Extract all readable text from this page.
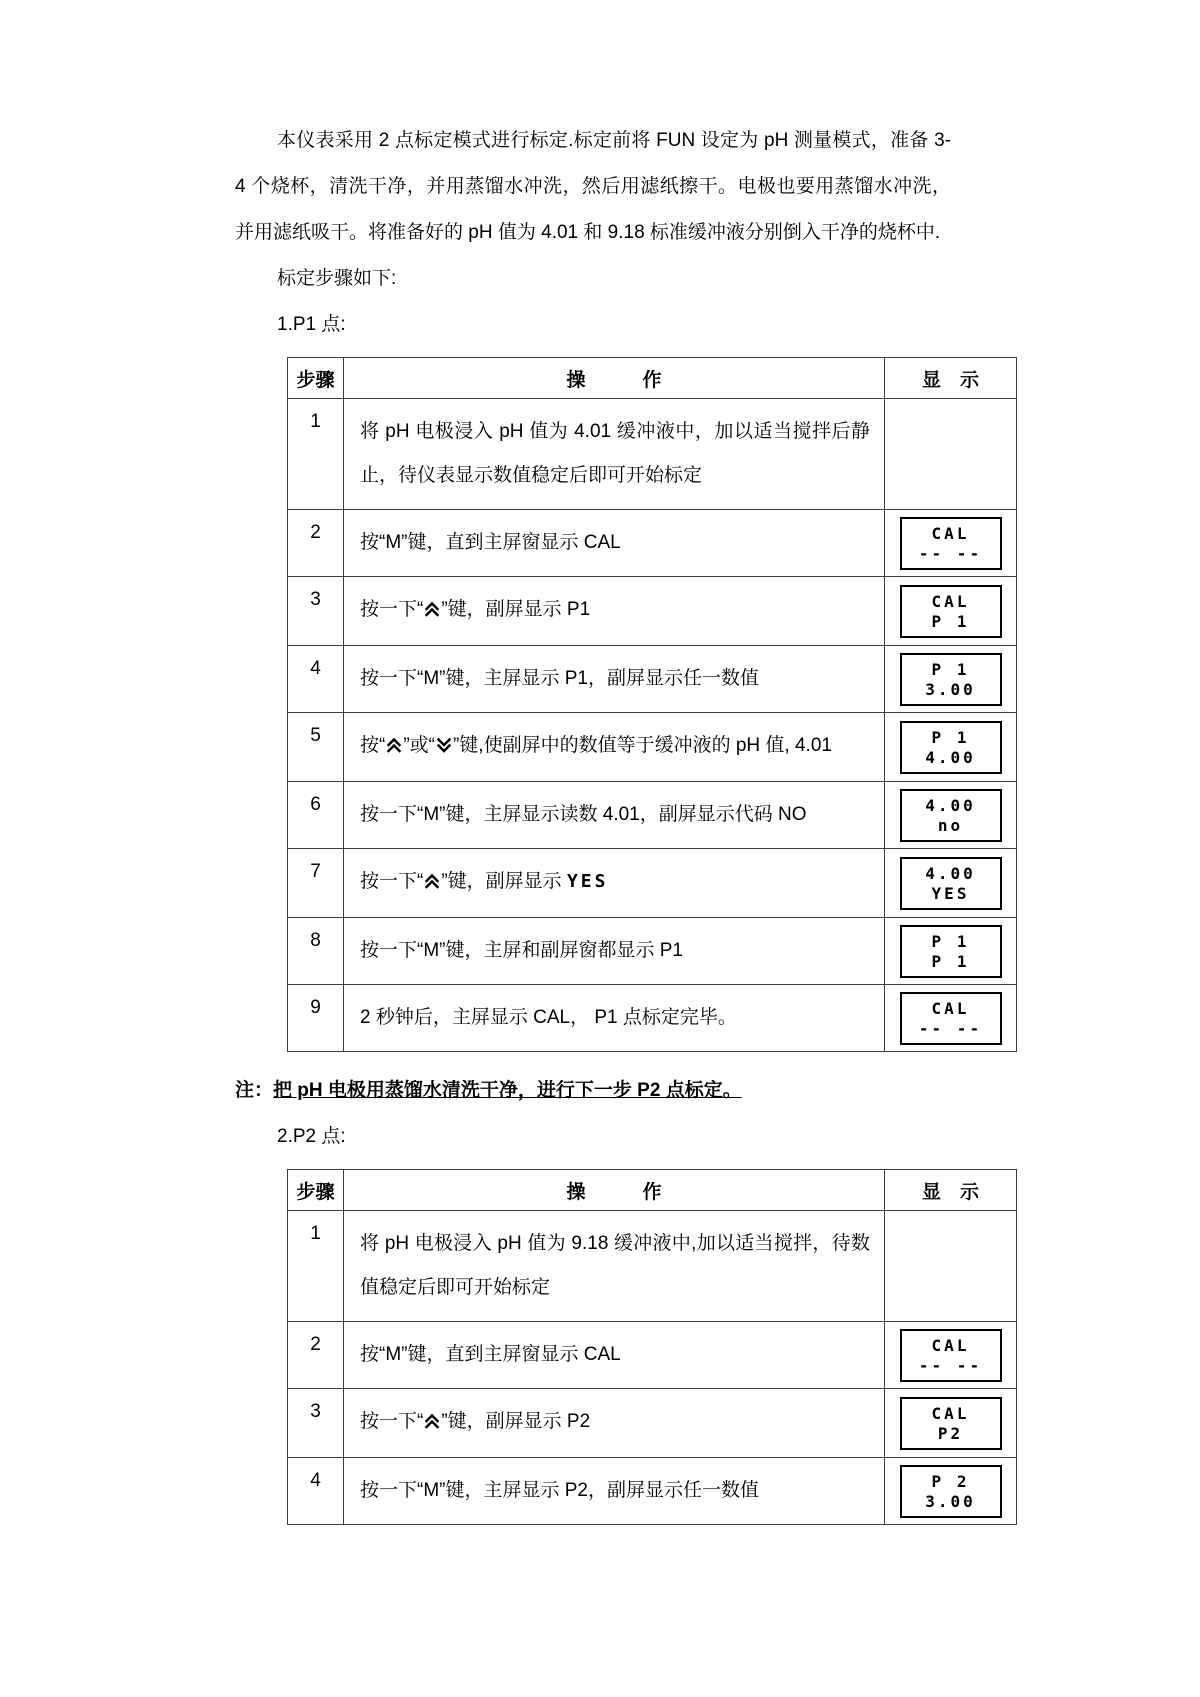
本仪表采用 2 点标定模式进行标定.标定前将 FUN 设定为 pH 测量模式，准备 3-4 个烧杯，清洗干净，并用蒸馏水冲洗，然后用滤纸擦干。电极也要用蒸馏水冲洗，并用滤纸吸干。将准备好的 pH 值为 4.01 和 9.18 标准缓冲液分别倒入干净的烧杯中.

标定步骤如下:

1.P1 点:

步骤	操　　　作	显　示
1	将 pH 电极浸入 pH 值为 4.01 缓冲液中，加以适当搅拌后静止，待仪表显示数值稳定后即可开始标定	
2	按“M”键，直到主屏窗显示 CAL	CAL
-- --

3	按一下“ ”键，副屏显示 P1	CAL
P 1

4	按一下“M”键，主屏显示 P1，副屏显示任一数值	P 1
3.00

5	按“ ”或“ ”键,使副屏中的数值等于缓冲液的 pH 值, 4.01	P 1
4.00

6	按一下“M”键，主屏显示读数 4.01，副屏显示代码 NO	4.00
no

7	按一下“ ”键，副屏显示 YES	4.00
YES

8	按一下“M”键，主屏和副屏窗都显示 P1	P 1
P 1

9	2 秒钟后，主屏显示 CAL， P1 点标定完毕。	CAL
-- --

注：把 pH 电极用蒸馏水清洗干净，进行下一步 P2 点标定。

2.P2 点:

步骤	操　　　作	显　示
1	将 pH 电极浸入 pH 值为 9.18 缓冲液中,加以适当搅拌，待数值稳定后即可开始标定	
2	按“M”键，直到主屏窗显示 CAL	CAL
-- --

3	按一下“ ”键，副屏显示 P2	CAL
P2

4	按一下“M”键，主屏显示 P2，副屏显示任一数值	P 2
3.00
